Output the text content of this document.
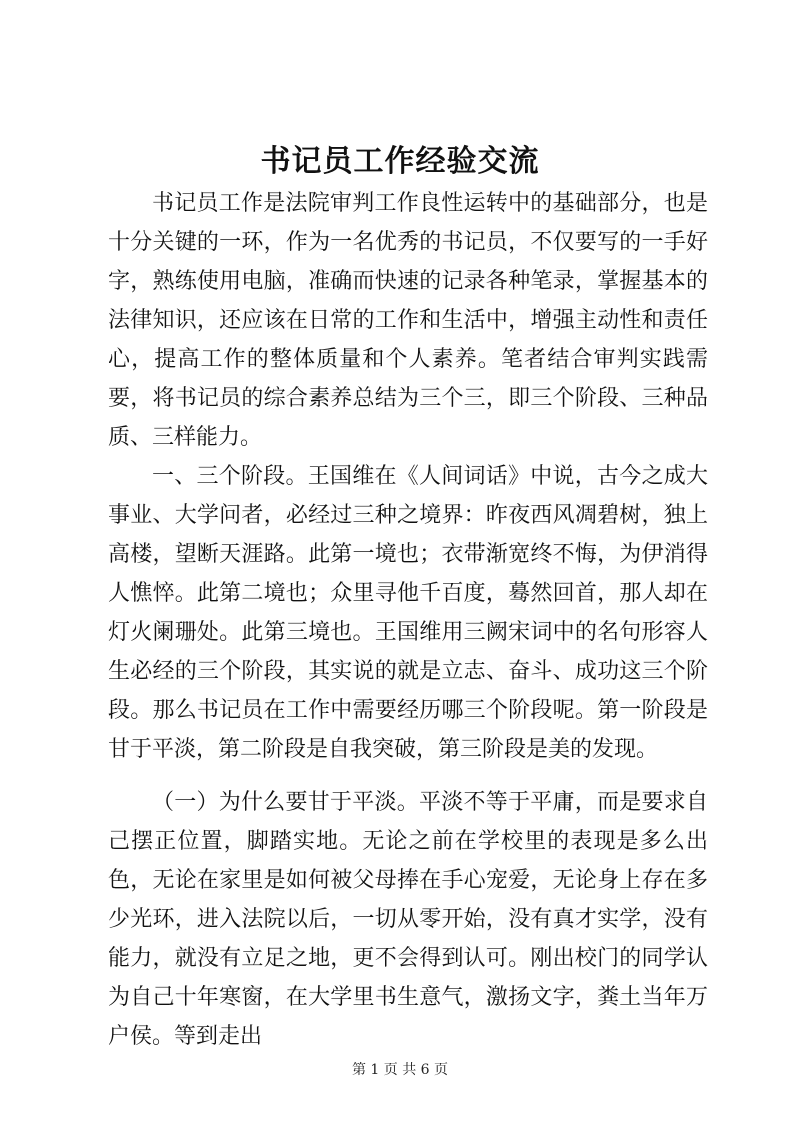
书记员工作经验交流

书记员工作是法院审判工作良性运转中的基础部分，也是十分关键的一环，作为一名优秀的书记员，不仅要写的一手好字，熟练使用电脑，准确而快速的记录各种笔录，掌握基本的法律知识，还应该在日常的工作和生活中，增强主动性和责任心，提高工作的整体质量和个人素养。笔者结合审判实践需要，将书记员的综合素养总结为三个三，即三个阶段、三种品质、三样能力。

一、三个阶段。王国维在《人间词话》中说，古今之成大事业、大学问者，必经过三种之境界：昨夜西风凋碧树，独上高楼，望断天涯路。此第一境也；衣带渐宽终不悔，为伊消得人憔悴。此第二境也；众里寻他千百度，蓦然回首，那人却在灯火阑珊处。此第三境也。王国维用三阙宋词中的名句形容人生必经的三个阶段，其实说的就是立志、奋斗、成功这三个阶段。那么书记员在工作中需要经历哪三个阶段呢。第一阶段是甘于平淡，第二阶段是自我突破，第三阶段是美的发现。

（一）为什么要甘于平淡。平淡不等于平庸，而是要求自己摆正位置，脚踏实地。无论之前在学校里的表现是多么出色，无论在家里是如何被父母捧在手心宠爱，无论身上存在多少光环，进入法院以后，一切从零开始，没有真才实学，没有能力，就没有立足之地，更不会得到认可。刚出校门的同学认为自己十年寒窗，在大学里书生意气，激扬文字，粪土当年万户侯。等到走出

第 1 页 共 6 页
